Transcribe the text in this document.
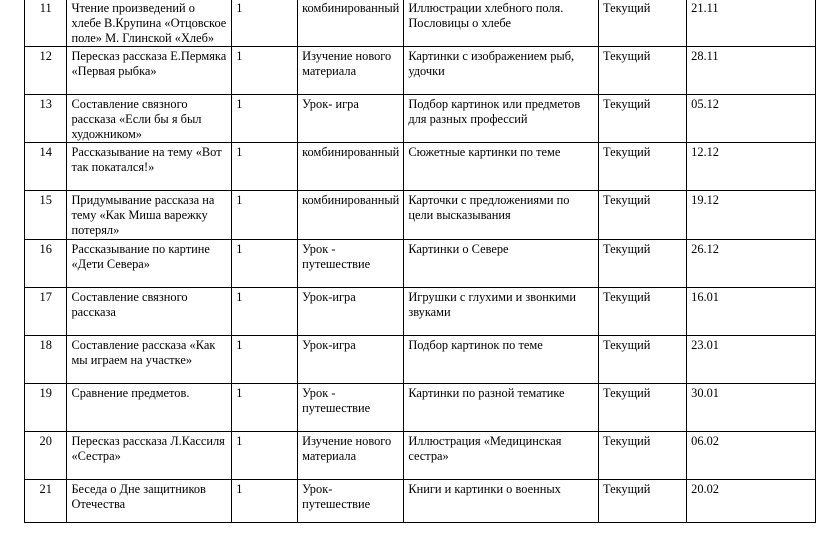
11	Чтение произведений о хлебе В.Крупина «Отцовское поле» М. Глинской «Хлеб»	1	комбинированный	Иллюстрации хлебного поля. Пословицы о хлебе	Текущий	21.11
12	Пересказ рассказа Е.Пермяка «Первая рыбка»	1	Изучение нового материала	Картинки с изображением рыб, удочки	Текущий	28.11
13	Составление связного рассказа «Если бы я был художником»	1	Урок- игра	Подбор картинок или предметов для разных профессий	Текущий	05.12
14	Рассказывание на тему «Вот так покатался!»	1	комбинированный	Сюжетные картинки по теме	Текущий	12.12
15	Придумывание рассказа на тему «Как Миша варежку потерял»	1	комбинированный	Карточки с предложениями по цели высказывания	Текущий	19.12
16	Рассказывание по картине «Дети Севера»	1	Урок - путешествие	Картинки о Севере	Текущий	26.12
17	Составление связного рассказа	1	Урок-игра	Игрушки с глухими и звонкими звуками	Текущий	16.01
18	Составление рассказа «Как мы играем на участке»	1	Урок-игра	Подбор картинок по теме	Текущий	23.01
19	Сравнение предметов.	1	Урок - путешествие	Картинки по разной тематике	Текущий	30.01
20	Пересказ рассказа Л.Кассиля «Сестра»	1	Изучение нового материала	Иллюстрация «Медицинская сестра»	Текущий	06.02
21	Беседа о Дне защитников Отечества	1	Урок- путешествие	Книги и картинки о военных	Текущий	20.02
